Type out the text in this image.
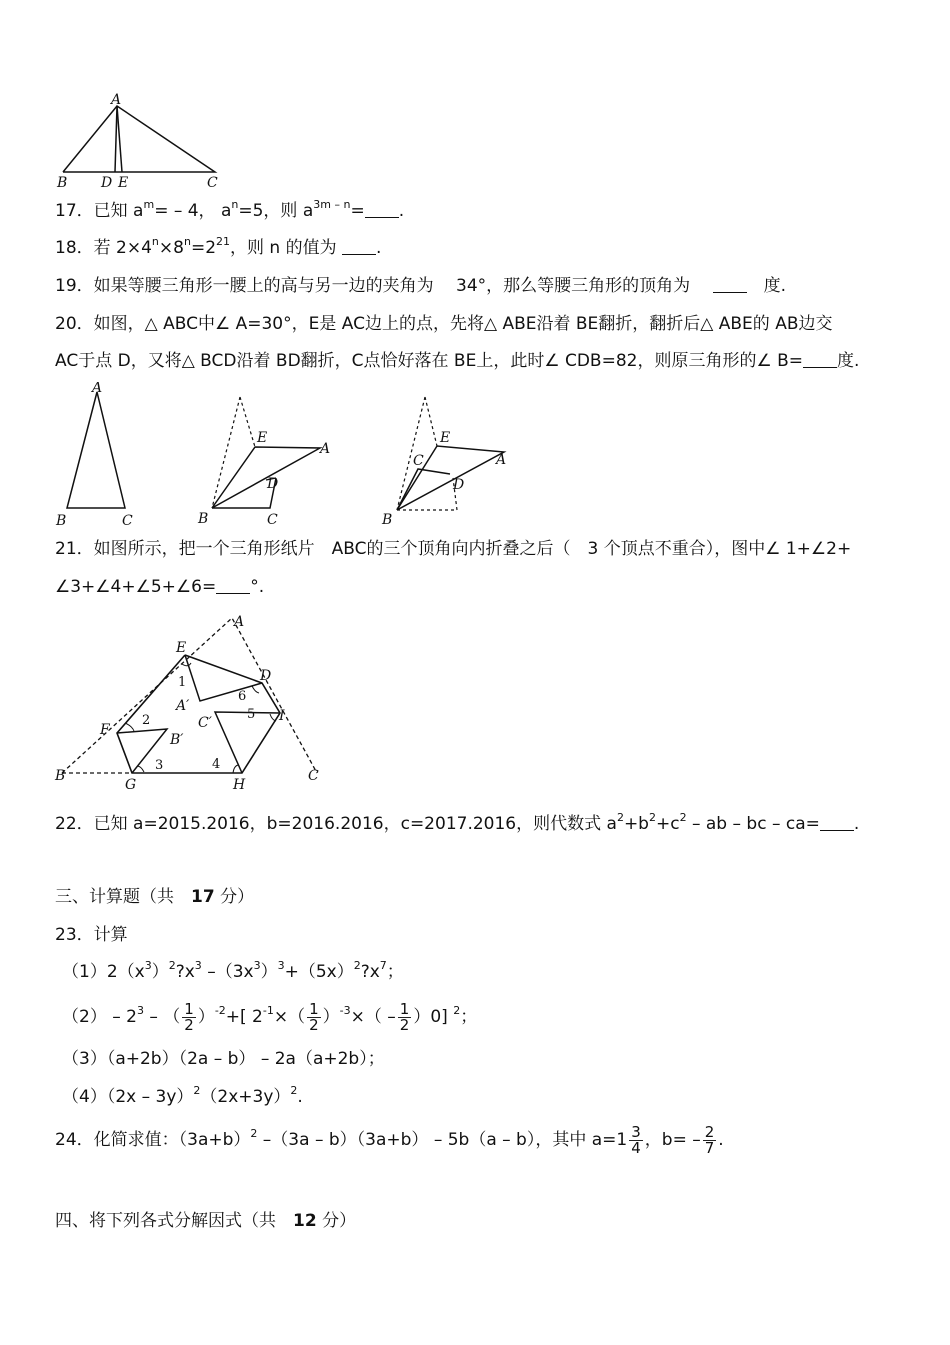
A
B D E	C
17．已知 $a^m= - 4$， $a^n=5$，则 $a^{3m - n}=$ .
18．若 $2\times 4^n\times 8^n=2^{21}$，则 n 的值为 .
19．如果等腰三角形一腰上的高与另一边的夹角为　 34°，那么等腰三角形的顶角为　 　	度.
20．如图，△ ABC中∠ A=30°，E是 AC边上的点，先将△ ABE沿着 BE翻折，翻折后△ ABE的 AB边交
AC于点 D，又将△ BCD沿着 BD翻折，C点恰好落在 BE上，此时∠ CDB=82，则原三角形的∠ B= 度.
A
B	C
E
A
D
B	C
E
C	A
D
B
21．如图所示，把一个三角形纸片　ABC的三个顶角向内折叠之后（　3 个顶点不重合），图中∠ 1+∠2+
∠3+∠4+∠5+∠6= °.
A
E
D
1
6
A′
F
2
B′
C′
5 I
B
3	4
G	H
C
22．已知 a=2015.2016，b=2016.2016，c=2017.2016，则代数式 $a^2+b^2+c^2$ – ab – bc – ca= .
三、计算题（共　 17 分）
23．计算
$(1)2(x^3)^2?x^3$ $-(3x^3)^3+(5x)^2?x^7$；
$(2) - 2^3$ – （ $\frac{1}{2} )^{-2}+$[ $2^{-1}\times( \frac{1}{2} )^{-3}\times( - \frac{1}{2} )0$] $^2$；
（3）（a+2b）（2a – b） – 2a（a+2b）；
$(4)(2x - 3y)^2(2x+3y)^2$.
24．化简求值：$(3a+b)^2$ –（3a – b）（3a+b） – 5b（a – b），其中 $a=1 \frac{3}{4}$ ，$b= - \frac{2}{7}$ .
四、将下列各式分解因式（共　 12 分）
